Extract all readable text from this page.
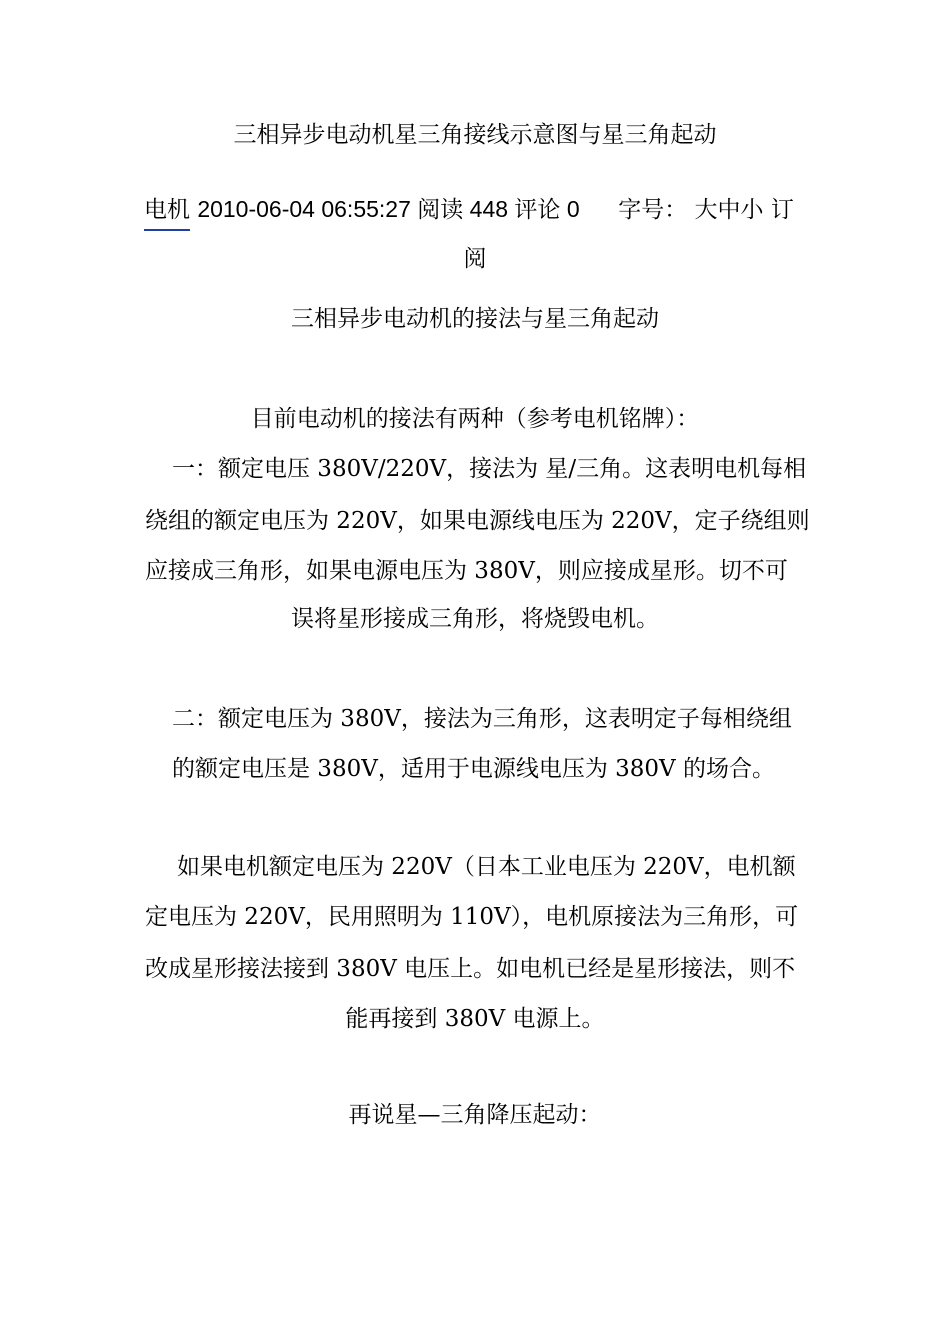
三相异步电动机星三角接线示意图与星三角起动
电机 2010-06-04 06:55:27 阅读 448 评论 0 字号： 大中小 订
阅
三相异步电动机的接法与星三角起动
目前电动机的接法有两种（参考电机铭牌）：
一：额定电压 380V/220V，接法为 星/三角。这表明电机每相
绕组的额定电压为 220V，如果电源线电压为 220V，定子绕组则
应接成三角形，如果电源电压为 380V，则应接成星形。切不可
误将星形接成三角形，将烧毁电机。
二：额定电压为 380V，接法为三角形，这表明定子每相绕组
的额定电压是 380V，适用于电源线电压为 380V 的场合。
如果电机额定电压为 220V（日本工业电压为 220V，电机额
定电压为 220V，民用照明为 110V），电机原接法为三角形，可
改成星形接法接到 380V 电压上。如电机已经是星形接法，则不
能再接到 380V 电源上。
再说星—三角降压起动：
